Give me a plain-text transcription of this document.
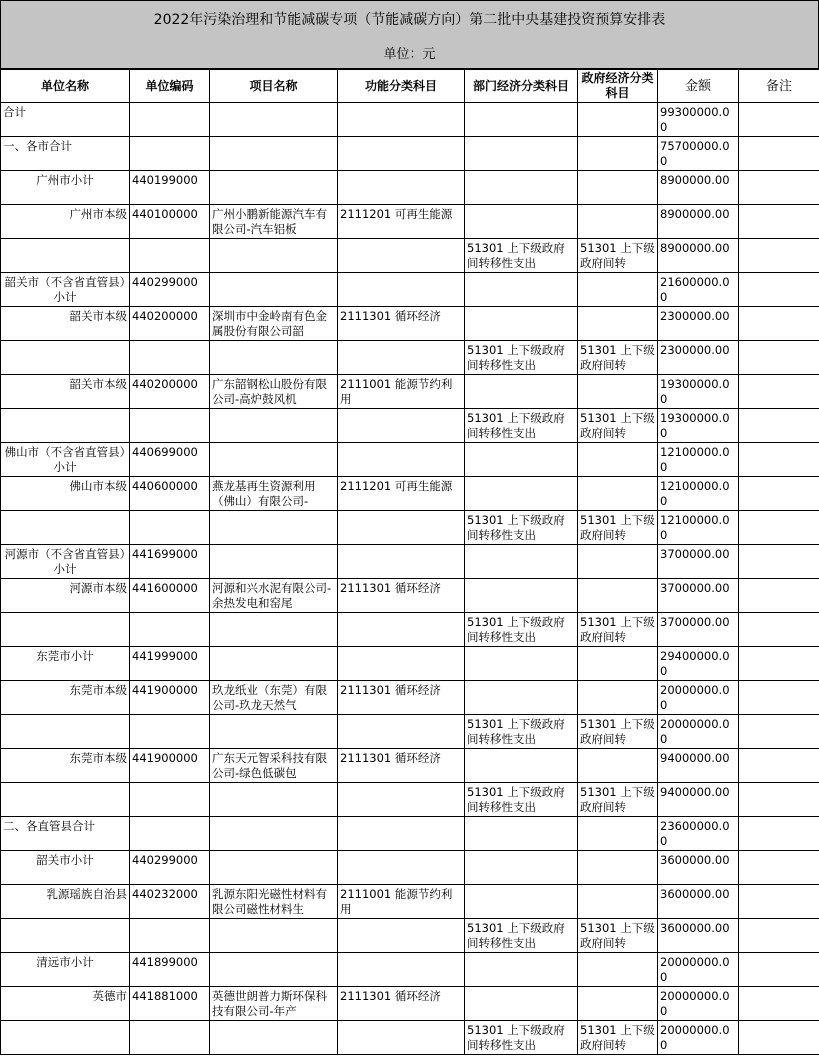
2022年污染治理和节能减碳专项（节能减碳方向）第二批中央基建投资预算安排表
单位：元
单位名称	单位编码	项目名称	功能分类科目	部门经济分类科目	政府经济分类科目	金额	备注

合计						99300000.00	

一、各市合计						75700000.00	

广州市小计	440199000					8900000.00	

广州市本级	440100000	广州小鹏新能源汽车有限公司-汽车铝板	2111201 可再生能源			8900000.00	

				51301 上下级政府间转移性支出	51301 上下级政府间转	8900000.00	

韶关市（不含省直管县）小计	440299000					21600000.00	

韶关市本级	440200000	深圳市中金岭南有色金属股份有限公司韶	2111301 循环经济			2300000.00	

				51301 上下级政府间转移性支出	51301 上下级政府间转	2300000.00	

韶关市本级	440200000	广东韶钢松山股份有限公司-高炉鼓风机	2111001 能源节约利用			19300000.00	

				51301 上下级政府间转移性支出	51301 上下级政府间转	19300000.00	

佛山市（不含省直管县）小计	440699000					12100000.00	

佛山市本级	440600000	燕龙基再生资源利用（佛山）有限公司-	2111201 可再生能源			12100000.00	

				51301 上下级政府间转移性支出	51301 上下级政府间转	12100000.00	

河源市（不含省直管县）小计	441699000					3700000.00	

河源市本级	441600000	河源和兴水泥有限公司-余热发电和窑尾	2111301 循环经济			3700000.00	

				51301 上下级政府间转移性支出	51301 上下级政府间转	3700000.00	

东莞市小计	441999000					29400000.00	

东莞市本级	441900000	玖龙纸业（东莞）有限公司-玖龙天然气	2111301 循环经济			20000000.00	

				51301 上下级政府间转移性支出	51301 上下级政府间转	20000000.00	

东莞市本级	441900000	广东天元智采科技有限公司-绿色低碳包	2111301 循环经济			9400000.00	

				51301 上下级政府间转移性支出	51301 上下级政府间转	9400000.00	

二、各直管县合计						23600000.00	

韶关市小计	440299000					3600000.00	

乳源瑶族自治县	440232000	乳源东阳光磁性材料有限公司磁性材料生	2111001 能源节约利用			3600000.00	

				51301 上下级政府间转移性支出	51301 上下级政府间转	3600000.00	

清远市小计	441899000					20000000.00	

英德市	441881000	英德世朗普力斯环保科技有限公司-年产	2111301 循环经济			20000000.00	

				51301 上下级政府间转移性支出	51301 上下级政府间转	20000000.00	
